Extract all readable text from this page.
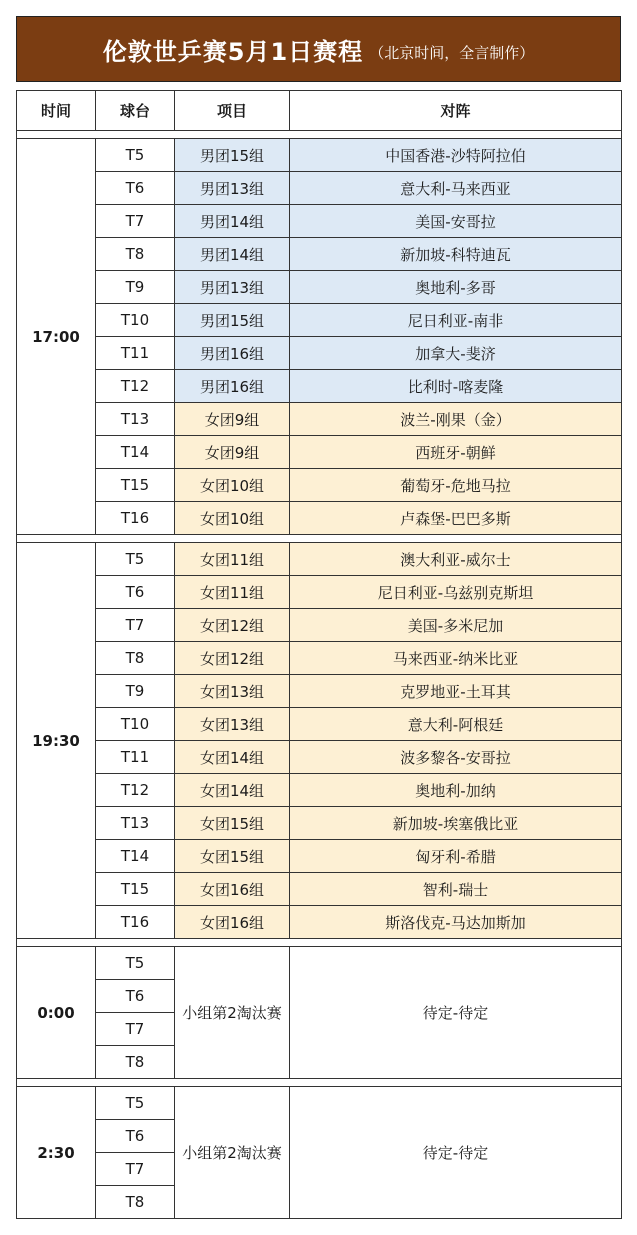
伦敦世乒赛5月1日赛程 （北京时间，全言制作）
时间	球台	项目	对阵

17:00	T5	男团15组	中国香港-沙特阿拉伯
	T6	男团13组	意大利-马来西亚
	T7	男团14组	美国-安哥拉
	T8	男团14组	新加坡-科特迪瓦
	T9	男团13组	奥地利-多哥
	T10	男团15组	尼日利亚-南非
	T11	男团16组	加拿大-斐济
	T12	男团16组	比利时-喀麦隆
	T13	女团9组	波兰-刚果（金）
	T14	女团9组	西班牙-朝鲜
	T15	女团10组	葡萄牙-危地马拉
	T16	女团10组	卢森堡-巴巴多斯

19:30	T5	女团11组	澳大利亚-威尔士
	T6	女团11组	尼日利亚-乌兹别克斯坦
	T7	女团12组	美国-多米尼加
	T8	女团12组	马来西亚-纳米比亚
	T9	女团13组	克罗地亚-土耳其
	T10	女团13组	意大利-阿根廷
	T11	女团14组	波多黎各-安哥拉
	T12	女团14组	奥地利-加纳
	T13	女团15组	新加坡-埃塞俄比亚
	T14	女团15组	匈牙利-希腊
	T15	女团16组	智利-瑞士
	T16	女团16组	斯洛伐克-马达加斯加

0:00	T5	小组第2淘汰赛	待定-待定
	T6		
	T7		
	T8		

2:30	T5	小组第2淘汰赛	待定-待定
	T6		
	T7		
	T8		
